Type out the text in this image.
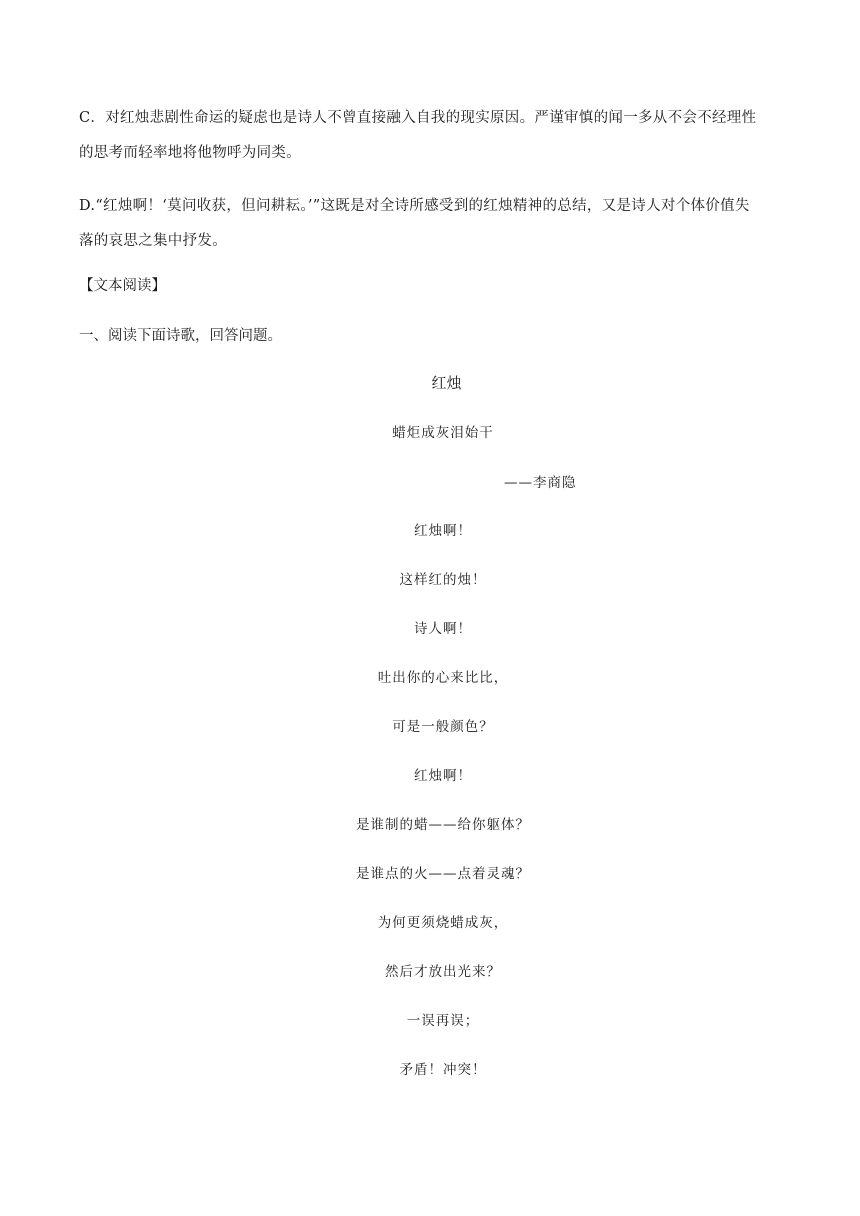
C．对红烛悲剧性命运的疑虑也是诗人不曾直接融入自我的现实原因。严谨审慎的闻一多从不会不经理性
的思考而轻率地将他物呼为同类。

D.“红烛啊！‘莫问收获，但问耕耘。’”这既是对全诗所感受到的红烛精神的总结，又是诗人对个体价值失
落的哀思之集中抒发。

【文本阅读】

一、阅读下面诗歌，回答问题。

红烛

蜡炬成灰泪始干

——李商隐

红烛啊！
这样红的烛！
诗人啊！
吐出你的心来比比，
可是一般颜色？
红烛啊！
是谁制的蜡——给你躯体？
是谁点的火——点着灵魂？
为何更须烧蜡成灰，
然后才放出光来？
一误再误；
矛盾！冲突！
